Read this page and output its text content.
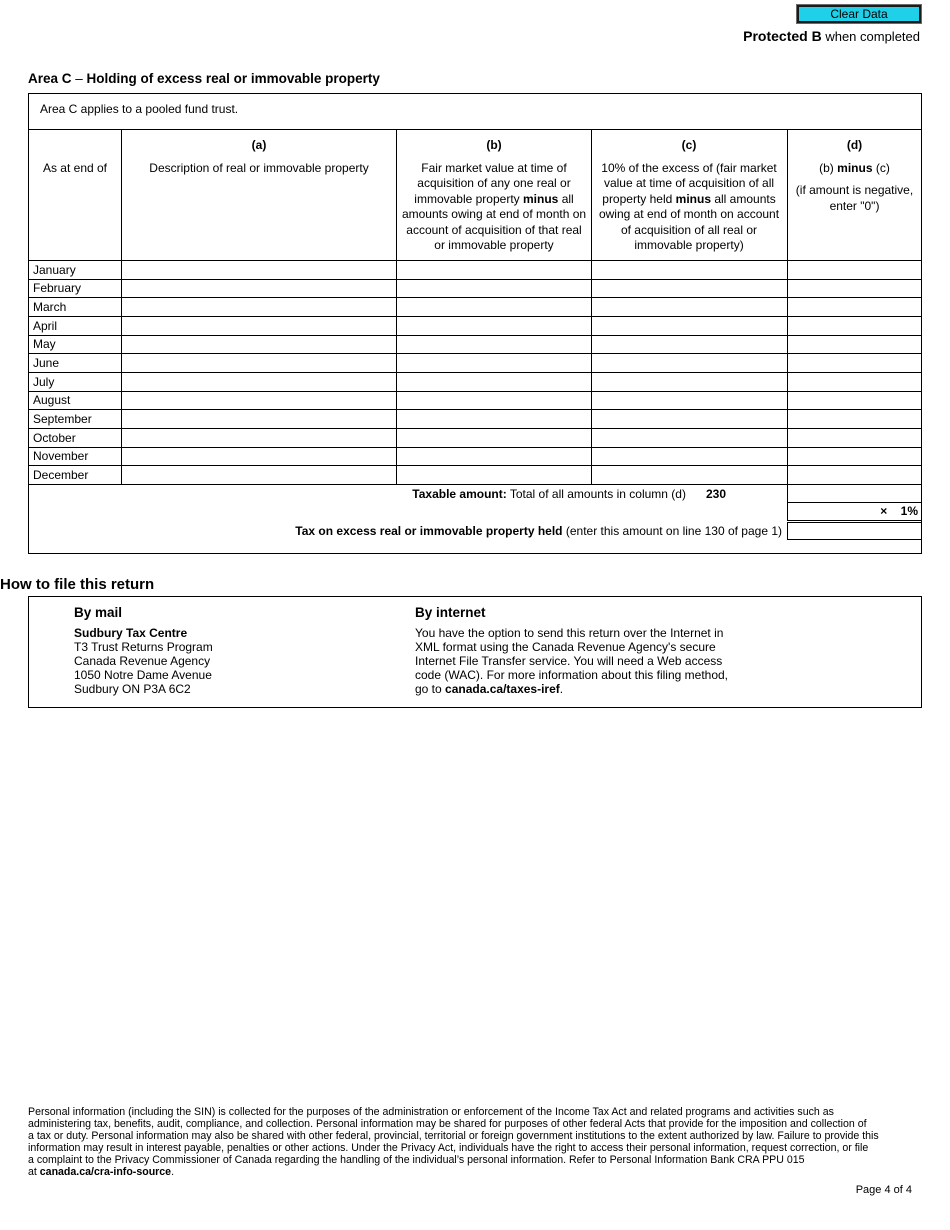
Clear Data
Protected B when completed
Area C – Holding of excess real or immovable property
Area C applies to a pooled fund trust.
As at end of
(a)
Description of real or immovable property
(b)
Fair market value at time of acquisition of any one real or immovable property minus all amounts owing at end of month on account of acquisition of that real or immovable property
(c)
10% of the excess of (fair market value at time of acquisition of all property held minus all amounts owing at end of month on account of acquisition of all real or immovable property)
(d)
(b) minus (c)
(if amount is negative, enter "0")
January
February
March
April
May
June
July
August
September
October
November
December
Taxable amount: Total of all amounts in column (d) 230
× 1%
Tax on excess real or immovable property held (enter this amount on line 130 of page 1)
How to file this return
By mail
Sudbury Tax Centre
T3 Trust Returns Program
Canada Revenue Agency
1050 Notre Dame Avenue
Sudbury ON P3A 6C2
By internet
You have the option to send this return over the Internet in
XML format using the Canada Revenue Agency's secure
Internet File Transfer service. You will need a Web access
code (WAC). For more information about this filing method,
go to canada.ca/taxes-iref.
Personal information (including the SIN) is collected for the purposes of the administration or enforcement of the Income Tax Act and related programs and activities such as
administering tax, benefits, audit, compliance, and collection. Personal information may be shared for purposes of other federal Acts that provide for the imposition and collection of
a tax or duty. Personal information may also be shared with other federal, provincial, territorial or foreign government institutions to the extent authorized by law. Failure to provide this
information may result in interest payable, penalties or other actions. Under the Privacy Act, individuals have the right to access their personal information, request correction, or file
a complaint to the Privacy Commissioner of Canada regarding the handling of the individual’s personal information. Refer to Personal Information Bank CRA PPU 015
at canada.ca/cra-info-source.
Page 4 of 4
